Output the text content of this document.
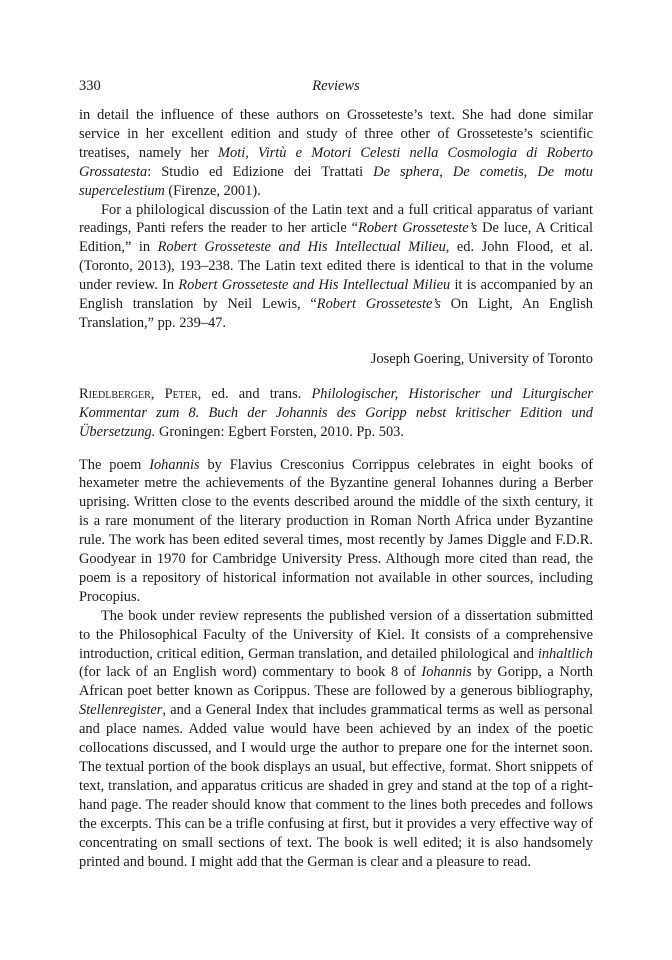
330	Reviews

in detail the influence of these authors on Grosseteste’s text. She had done similar service in her excellent edition and study of three other of Grosseteste’s scientific treatises, namely her Moti, Virtù e Motori Celesti nella Cosmologia di Roberto Grossatesta: Studio ed Edizione dei Trattati De sphera, De cometis, De motu supercelestium (Firenze, 2001).

For a philological discussion of the Latin text and a full critical apparatus of variant readings, Panti refers the reader to her article “Robert Grosseteste’s De luce, A Critical Edition,” in Robert Grosseteste and His Intellectual Milieu, ed. John Flood, et al. (Toronto, 2013), 193–238. The Latin text edited there is identical to that in the volume under review. In Robert Grosseteste and His Intellectual Milieu it is accompanied by an English translation by Neil Lewis, “Robert Grosseteste’s On Light, An English Translation,” pp. 239–47.

Joseph Goering, University of Toronto

Riedlberger, Peter, ed. and trans. Philologischer, Historischer und Liturgischer Kommentar zum 8. Buch der Johannis des Goripp nebst kritischer Edition und Übersetzung. Groningen: Egbert Forsten, 2010. Pp. 503.

The poem Iohannis by Flavius Cresconius Corrippus celebrates in eight books of hexameter metre the achievements of the Byzantine general Iohannes during a Berber uprising. Written close to the events described around the middle of the sixth century, it is a rare monument of the literary production in Roman North Africa under Byzantine rule. The work has been edited several times, most recently by James Diggle and F.D.R. Goodyear in 1970 for Cambridge University Press. Although more cited than read, the poem is a repository of historical information not available in other sources, including Procopius.

The book under review represents the published version of a dissertation submitted to the Philosophical Faculty of the University of Kiel. It consists of a comprehensive introduction, critical edition, German translation, and detailed philological and inhaltlich (for lack of an English word) commentary to book 8 of Iohannis by Goripp, a North African poet better known as Corippus. These are followed by a generous bibliography, Stellenregister, and a General Index that includes grammatical terms as well as personal and place names. Added value would have been achieved by an index of the poetic collocations discussed, and I would urge the author to prepare one for the internet soon. The textual portion of the book displays an usual, but effective, format. Short snippets of text, translation, and apparatus criticus are shaded in grey and stand at the top of a right-hand page. The reader should know that comment to the lines both precedes and follows the excerpts. This can be a trifle confusing at first, but it provides a very effective way of concentrating on small sections of text. The book is well edited; it is also handsomely printed and bound. I might add that the German is clear and a pleasure to read.
